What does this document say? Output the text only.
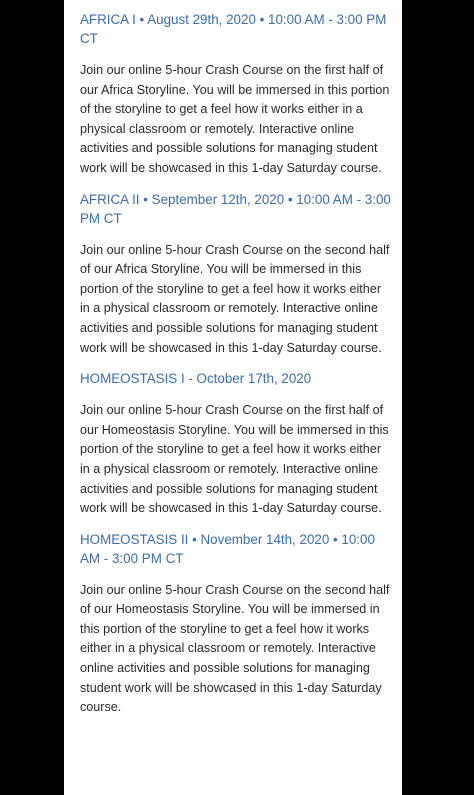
AFRICA I • August 29th, 2020 • 10:00 AM - 3:00 PM CT

Join our online 5-hour Crash Course on the first half of our Africa Storyline. You will be immersed in this portion of the storyline to get a feel how it works either in a physical classroom or remotely. Interactive online activities and possible solutions for managing student work will be showcased in this 1-day Saturday course.

AFRICA II • September 12th, 2020 • 10:00 AM - 3:00 PM CT

Join our online 5-hour Crash Course on the second half of our Africa Storyline. You will be immersed in this portion of the storyline to get a feel how it works either in a physical classroom or remotely. Interactive online activities and possible solutions for managing student work will be showcased in this 1-day Saturday course.

HOMEOSTASIS I - October 17th, 2020

Join our online 5-hour Crash Course on the first half of our Homeostasis Storyline. You will be immersed in this portion of the storyline to get a feel how it works either in a physical classroom or remotely. Interactive online activities and possible solutions for managing student work will be showcased in this 1-day Saturday course.

HOMEOSTASIS II • November 14th, 2020 • 10:00 AM - 3:00 PM CT

Join our online 5-hour Crash Course on the second half of our Homeostasis Storyline. You will be immersed in this portion of the storyline to get a feel how it works either in a physical classroom or remotely. Interactive online activities and possible solutions for managing student work will be showcased in this 1-day Saturday course.
